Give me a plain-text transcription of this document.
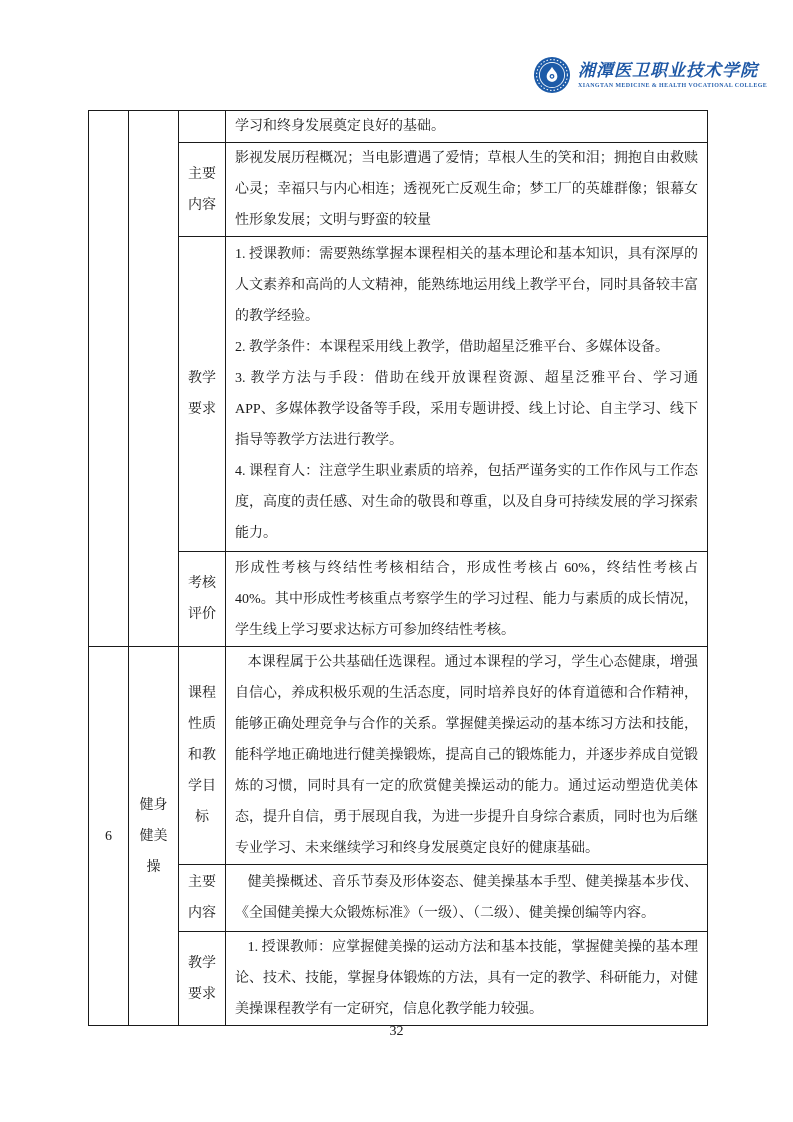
湘潭医卫职业技术学院
XIANGTAN MEDICINE & HEALTH VOCATIONAL COLLEGE
			学习和终身发展奠定良好的基础。
		主要内容	影视发展历程概况；当电影遭遇了爱情；草根人生的笑和泪；拥抱自由救赎心灵；幸福只与内心相连；透视死亡反观生命；梦工厂的英雄群像；银幕女性形象发展；文明与野蛮的较量
		教学要求	1. 授课教师：需要熟练掌握本课程相关的基本理论和基本知识，具有深厚的人文素养和高尚的人文精神，能熟练地运用线上教学平台，同时具备较丰富的教学经验。
2. 教学条件：本课程采用线上教学，借助超星泛雅平台、多媒体设备。
3. 教学方法与手段：借助在线开放课程资源、超星泛雅平台、学习通 APP、多媒体教学设备等手段，采用专题讲授、线上讨论、自主学习、线下指导等教学方法进行教学。
4. 课程育人：注意学生职业素质的培养，包括严谨务实的工作作风与工作态度，高度的责任感、对生命的敬畏和尊重，以及自身可持续发展的学习探索能力。
		考核评价	形成性考核与终结性考核相结合，形成性考核占 60%，终结性考核占 40%。其中形成性考核重点考察学生的学习过程、能力与素质的成长情况，学生线上学习要求达标方可参加终结性考核。
6	健身健美操	课程性质和教学目标	本课程属于公共基础任选课程。通过本课程的学习，学生心态健康，增强自信心，养成积极乐观的生活态度，同时培养良好的体育道德和合作精神，能够正确处理竞争与合作的关系。掌握健美操运动的基本练习方法和技能，能科学地正确地进行健美操锻炼，提高自己的锻炼能力，并逐步养成自觉锻炼的习惯，同时具有一定的欣赏健美操运动的能力。通过运动塑造优美体态，提升自信，勇于展现自我，为进一步提升自身综合素质，同时也为后继专业学习、未来继续学习和终身发展奠定良好的健康基础。
		主要内容	健美操概述、音乐节奏及形体姿态、健美操基本手型、健美操基本步伐、《全国健美操大众锻炼标准》（一级）、（二级）、健美操创编等内容。
		教学要求	1. 授课教师：应掌握健美操的运动方法和基本技能，掌握健美操的基本理论、技术、技能，掌握身体锻炼的方法，具有一定的教学、科研能力，对健美操课程教学有一定研究，信息化教学能力较强。
32
